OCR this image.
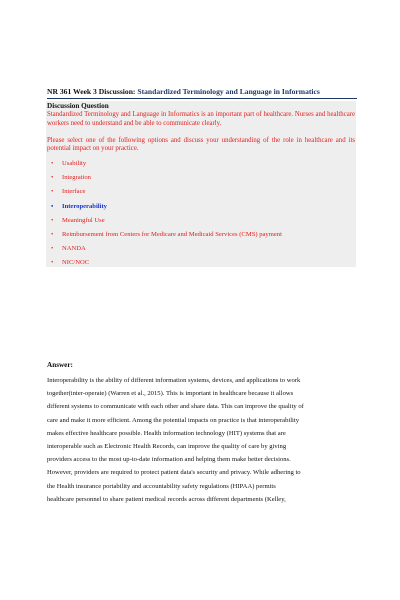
NR 361 Week 3 Discussion: Standardized Terminology and Language in Informatics
Discussion Question

Standardized Terminology and Language in Informatics is an important part of healthcare. Nurses and healthcare workers need to understand and be able to communicate clearly.

Please select one of the following options and discuss your understanding of the role in healthcare and its potential impact on your practice.

• Usability
• Integration
• Interface
• Interoperability
• Meaningful Use
• Reimbursement from Centers for Medicare and Medicaid Services (CMS) payment
• NANDA
• NIC/NOC
Answer:
Interoperability is the ability of different information systems, devices, and applications to work
together(inter-operate) (Warren et al., 2015). This is important in healthcare because it allows
different systems to communicate with each other and share data. This can improve the quality of
care and make it more efficient. Among the potential impacts on practice is that interoperability
makes effective healthcare possible. Health information technology (HIT) systems that are
interoperable such as Electronic Health Records, can improve the quality of care by giving
providers access to the most up-to-date information and helping them make better decisions.
However, providers are required to protect patient data's security and privacy. While adhering to
the Health insurance portability and accountability safety regulations (HIPAA) permits
healthcare personnel to share patient medical records across different departments (Kelley,
